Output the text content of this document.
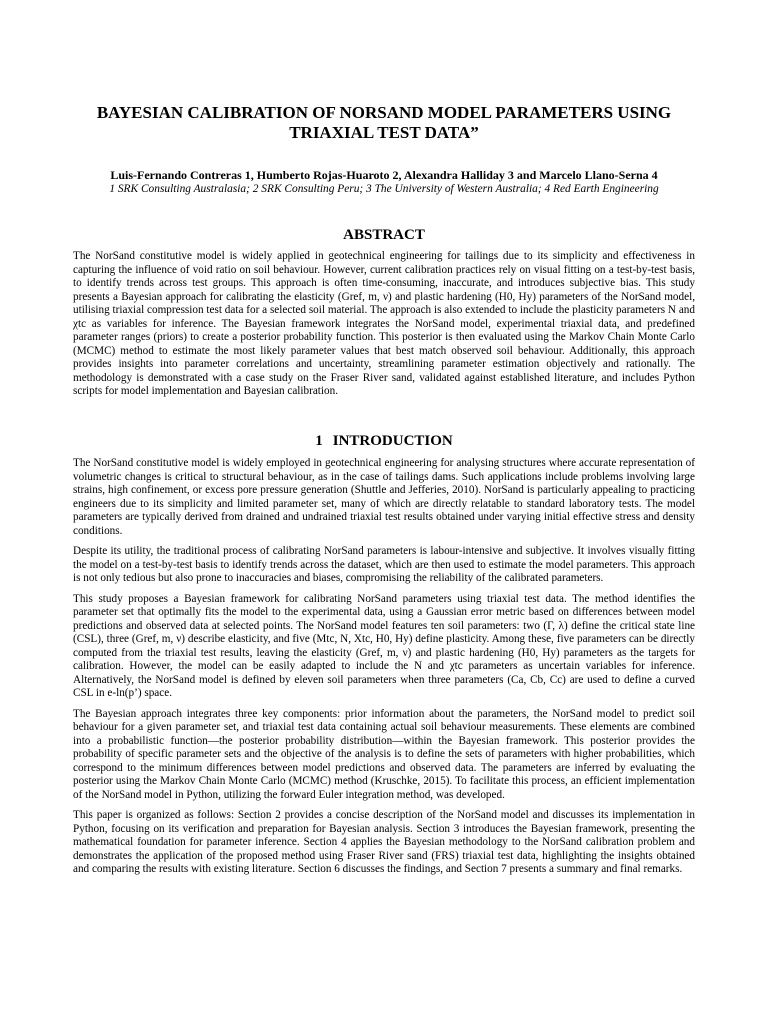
BAYESIAN CALIBRATION OF NORSAND MODEL PARAMETERS USING TRIAXIAL TEST DATA”
Luis-Fernando Contreras 1, Humberto Rojas-Huaroto 2, Alexandra Halliday 3 and Marcelo Llano-Serna 4
1 SRK Consulting Australasia; 2 SRK Consulting Peru; 3 The University of Western Australia; 4 Red Earth Engineering
ABSTRACT

The NorSand constitutive model is widely applied in geotechnical engineering for tailings due to its simplicity and effectiveness in capturing the influence of void ratio on soil behaviour. However, current calibration practices rely on visual fitting on a test-by-test basis, to identify trends across test groups. This approach is often time-consuming, inaccurate, and introduces subjective bias. This study presents a Bayesian approach for calibrating the elasticity (Gref, m, ν) and plastic hardening (H0, Hy) parameters of the NorSand model, utilising triaxial compression test data for a selected soil material. The approach is also extended to include the plasticity parameters N and χtc as variables for inference. The Bayesian framework integrates the NorSand model, experimental triaxial data, and predefined parameter ranges (priors) to create a posterior probability function. This posterior is then evaluated using the Markov Chain Monte Carlo (MCMC) method to estimate the most likely parameter values that best match observed soil behaviour. Additionally, this approach provides insights into parameter correlations and uncertainty, streamlining parameter estimation objectively and rationally. The methodology is demonstrated with a case study on the Fraser River sand, validated against established literature, and includes Python scripts for model implementation and Bayesian calibration.

1 INTRODUCTION

The NorSand constitutive model is widely employed in geotechnical engineering for analysing structures where accurate representation of volumetric changes is critical to structural behaviour, as in the case of tailings dams. Such applications include problems involving large strains, high confinement, or excess pore pressure generation (Shuttle and Jefferies, 2010). NorSand is particularly appealing to practicing engineers due to its simplicity and limited parameter set, many of which are directly relatable to standard laboratory tests. The model parameters are typically derived from drained and undrained triaxial test results obtained under varying initial effective stress and density conditions.

Despite its utility, the traditional process of calibrating NorSand parameters is labour-intensive and subjective. It involves visually fitting the model on a test-by-test basis to identify trends across the dataset, which are then used to estimate the model parameters. This approach is not only tedious but also prone to inaccuracies and biases, compromising the reliability of the calibrated parameters.

This study proposes a Bayesian framework for calibrating NorSand parameters using triaxial test data. The method identifies the parameter set that optimally fits the model to the experimental data, using a Gaussian error metric based on differences between model predictions and observed data at selected points. The NorSand model features ten soil parameters: two (Γ, λ) define the critical state line (CSL), three (Gref, m, ν) describe elasticity, and five (Mtc, N, Xtc, H0, Hy) define plasticity. Among these, five parameters can be directly computed from the triaxial test results, leaving the elasticity (Gref, m, ν) and plastic hardening (H0, Hy) parameters as the targets for calibration. However, the model can be easily adapted to include the N and χtc parameters as uncertain variables for inference. Alternatively, the NorSand model is defined by eleven soil parameters when three parameters (Ca, Cb, Cc) are used to define a curved CSL in e-ln(p’) space.

The Bayesian approach integrates three key components: prior information about the parameters, the NorSand model to predict soil behaviour for a given parameter set, and triaxial test data containing actual soil behaviour measurements. These elements are combined into a probabilistic function—the posterior probability distribution—within the Bayesian framework. This posterior provides the probability of specific parameter sets and the objective of the analysis is to define the sets of parameters with higher probabilities, which correspond to the minimum differences between model predictions and observed data. The parameters are inferred by evaluating the posterior using the Markov Chain Monte Carlo (MCMC) method (Kruschke, 2015). To facilitate this process, an efficient implementation of the NorSand model in Python, utilizing the forward Euler integration method, was developed.

This paper is organized as follows: Section 2 provides a concise description of the NorSand model and discusses its implementation in Python, focusing on its verification and preparation for Bayesian analysis. Section 3 introduces the Bayesian framework, presenting the mathematical foundation for parameter inference. Section 4 applies the Bayesian methodology to the NorSand calibration problem and demonstrates the application of the proposed method using Fraser River sand (FRS) triaxial test data, highlighting the insights obtained and comparing the results with existing literature. Section 6 discusses the findings, and Section 7 presents a summary and final remarks.
